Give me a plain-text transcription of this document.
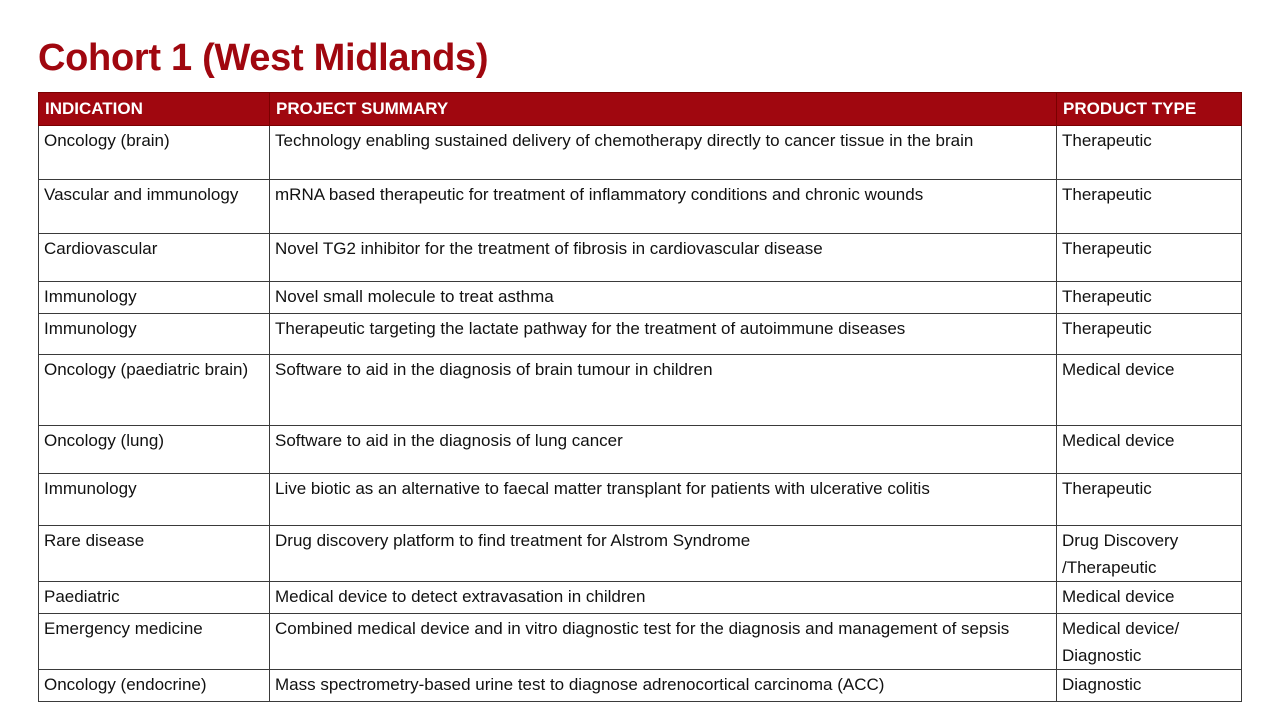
Cohort 1 (West Midlands)
INDICATION	PROJECT SUMMARY	PRODUCT TYPE
Oncology (brain)	Technology enabling sustained delivery of chemotherapy directly to cancer tissue in the brain	Therapeutic
Vascular and immunology	mRNA based therapeutic for treatment of inflammatory conditions and chronic wounds	Therapeutic
Cardiovascular	Novel TG2 inhibitor for the treatment of fibrosis in cardiovascular disease	Therapeutic
Immunology	Novel small molecule to treat asthma	Therapeutic
Immunology	Therapeutic targeting the lactate pathway for the treatment of autoimmune diseases	Therapeutic
Oncology (paediatric brain)	Software to aid in the diagnosis of brain tumour in children	Medical device
Oncology (lung)	Software to aid in the diagnosis of lung cancer	Medical device
Immunology	Live biotic as an alternative to faecal matter transplant for patients with ulcerative colitis	Therapeutic
Rare disease	Drug discovery platform to find treatment for Alstrom Syndrome	Drug Discovery /Therapeutic
Paediatric	Medical device to detect extravasation in children	Medical device
Emergency medicine	Combined medical device and in vitro diagnostic test for the diagnosis and management of sepsis	Medical device/ Diagnostic
Oncology (endocrine)	Mass spectrometry-based urine test to diagnose adrenocortical carcinoma (ACC)	Diagnostic
